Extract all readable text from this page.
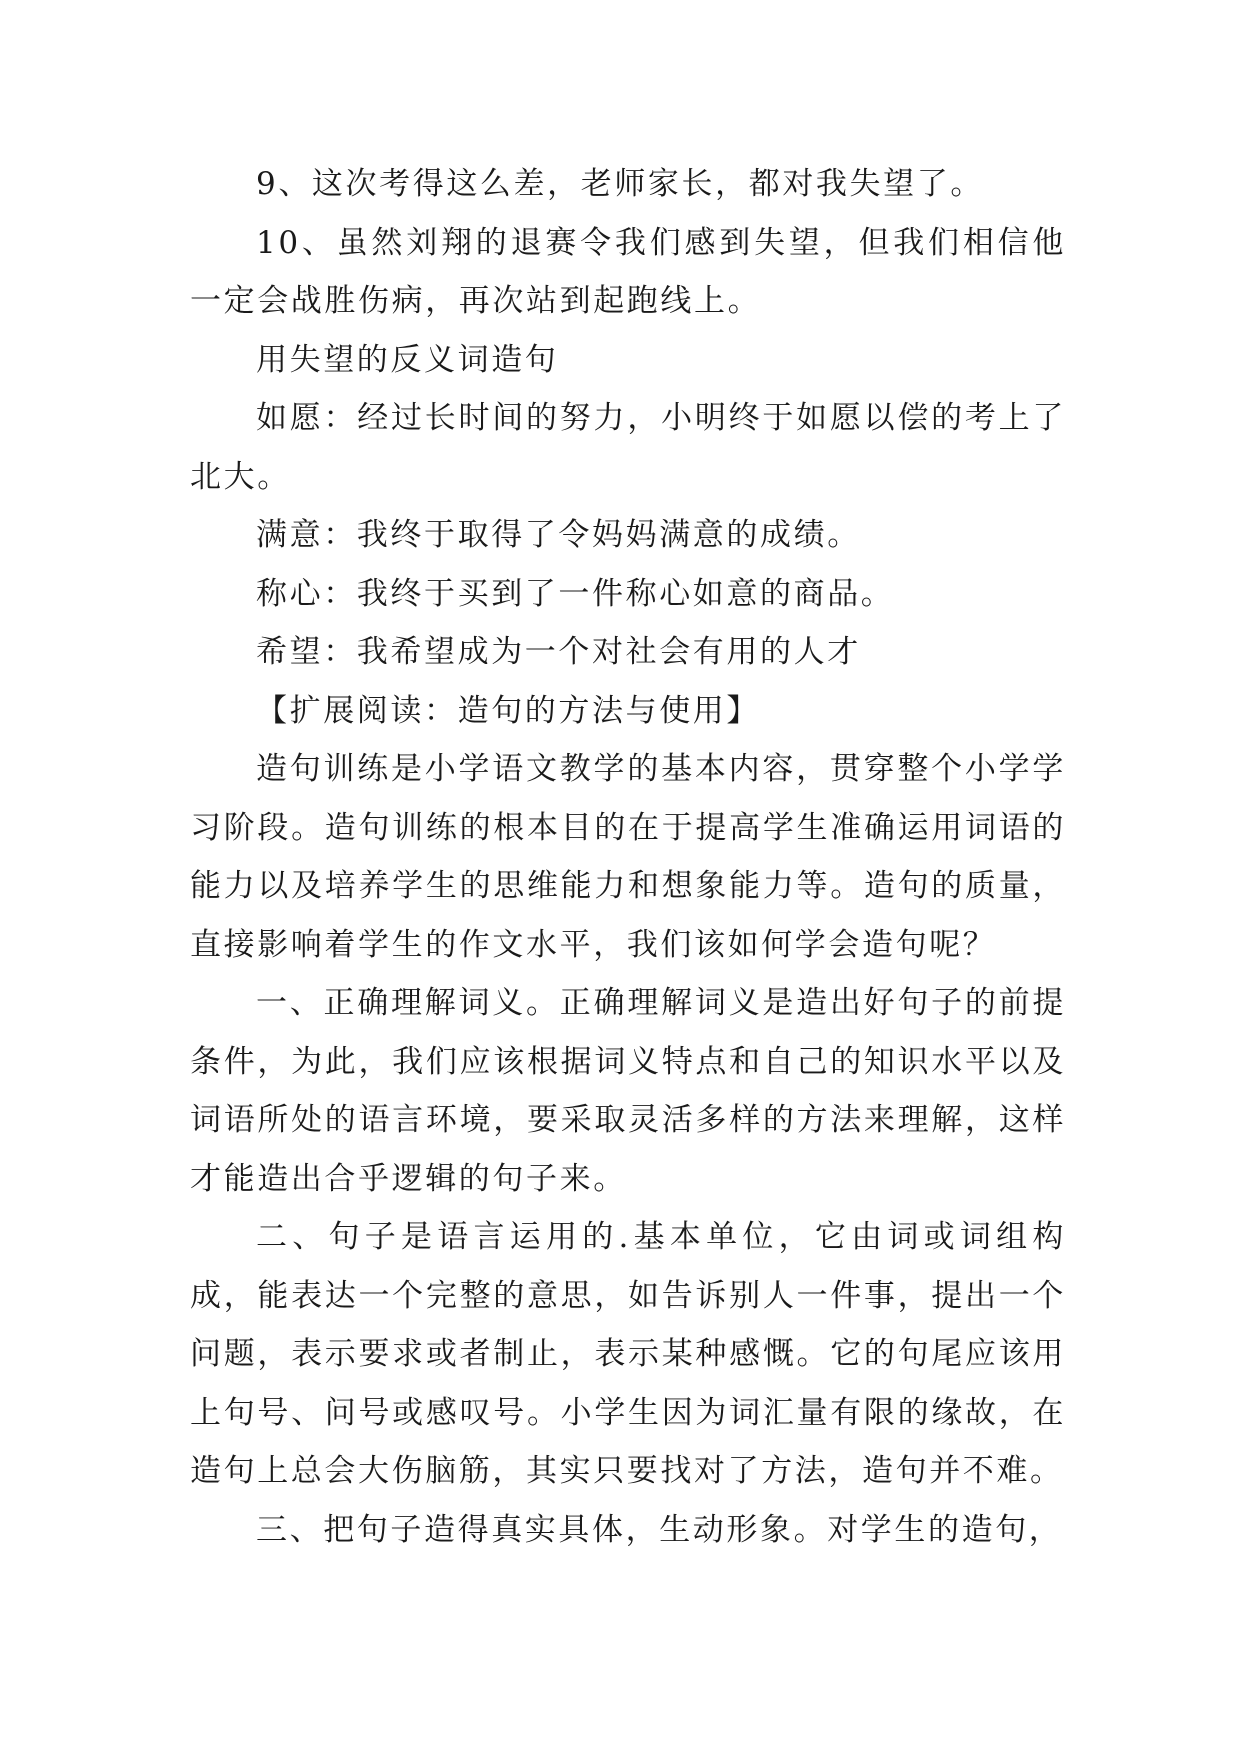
9、这次考得这么差，老师家长，都对我失望了。

10、虽然刘翔的退赛令我们感到失望，但我们相信他一定会战胜伤病，再次站到起跑线上。

用失望的反义词造句

如愿：经过长时间的努力，小明终于如愿以偿的考上了北大。

满意：我终于取得了令妈妈满意的成绩。

称心：我终于买到了一件称心如意的商品。

希望：我希望成为一个对社会有用的人才

【扩展阅读：造句的方法与使用】

造句训练是小学语文教学的基本内容，贯穿整个小学学习阶段。造句训练的根本目的在于提高学生准确运用词语的能力以及培养学生的思维能力和想象能力等。造句的质量，直接影响着学生的作文水平，我们该如何学会造句呢？

一、正确理解词义。正确理解词义是造出好句子的前提条件，为此，我们应该根据词义特点和自己的知识水平以及词语所处的语言环境，要采取灵活多样的方法来理解，这样才能造出合乎逻辑的句子来。

二、句子是语言运用的.基本单位，它由词或词组构成，能表达一个完整的意思，如告诉别人一件事，提出一个问题，表示要求或者制止，表示某种感慨。它的句尾应该用上句号、问号或感叹号。小学生因为词汇量有限的缘故，在造句上总会大伤脑筋，其实只要找对了方法，造句并不难。

三、把句子造得真实具体，生动形象。对学生的造句，
